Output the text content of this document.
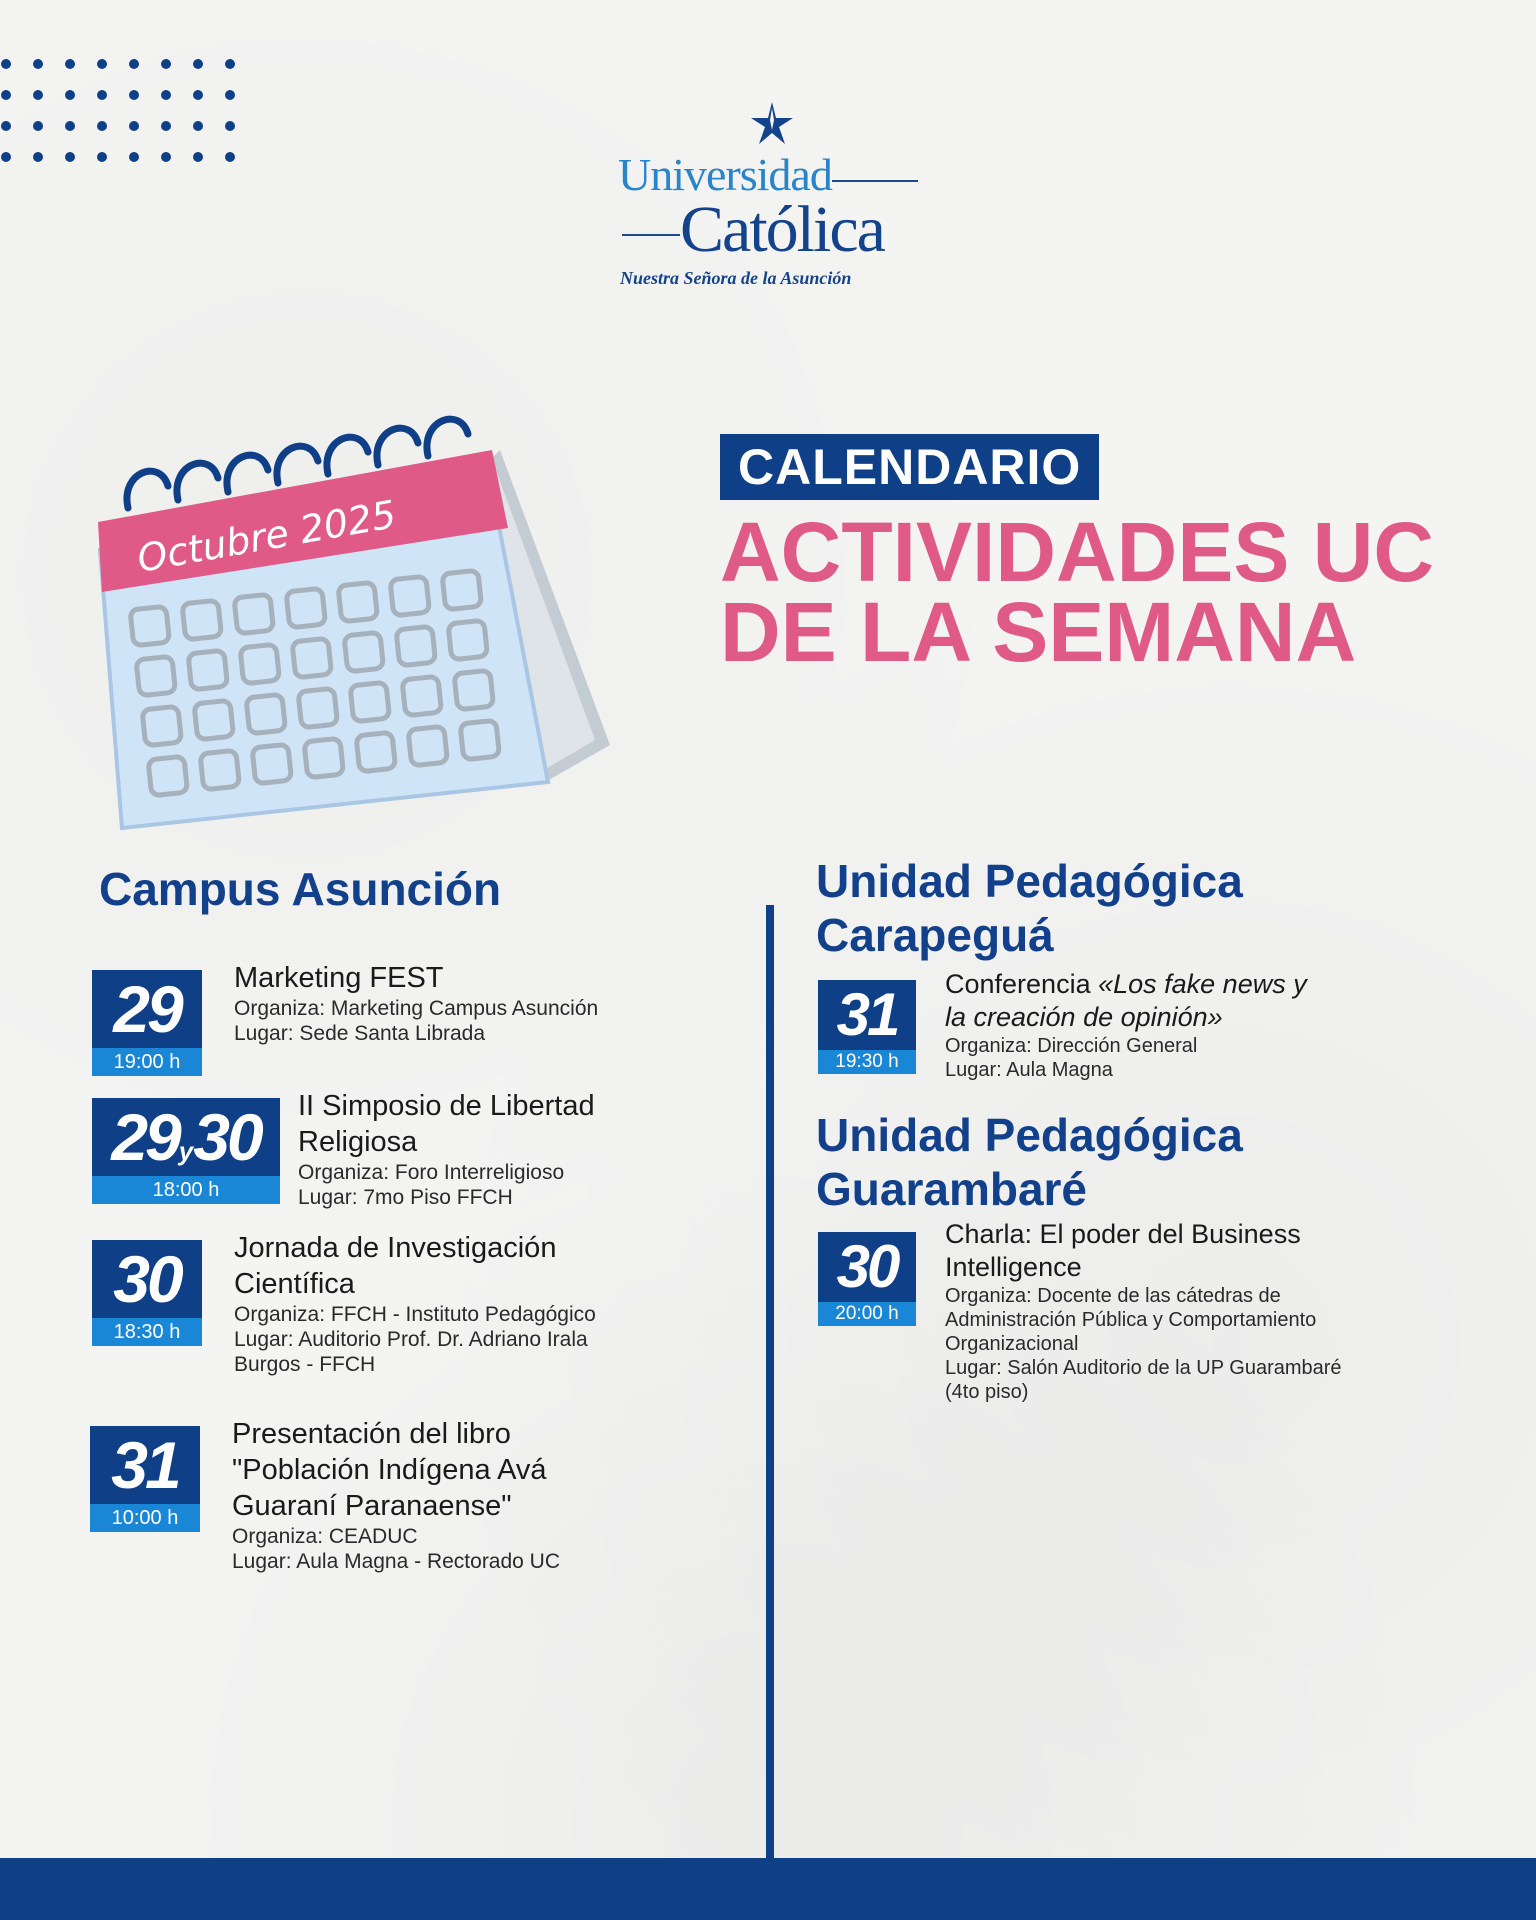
Universidad
Católica
Nuestra Señora de la Asunción
Octubre 2025
CALENDARIO
ACTIVIDADES UC
DE LA SEMANA
Campus Asunción
29
19:00 h
Marketing FEST
Organiza: Marketing Campus Asunción
Lugar: Sede Santa Librada
29y30
18:00 h
II Simposio de Libertad
Religiosa
Organiza: Foro Interreligioso
Lugar: 7mo Piso FFCH
30
18:30 h
Jornada de Investigación
Científica
Organiza: FFCH - Instituto Pedagógico
Lugar: Auditorio Prof. Dr. Adriano Irala
Burgos - FFCH
31
10:00 h
Presentación del libro
"Población Indígena Avá
Guaraní Paranaense"
Organiza: CEADUC
Lugar: Aula Magna - Rectorado UC
Unidad Pedagógica
Carapeguá
31
19:30 h
Conferencia «Los fake news y
la creación de opinión»
Organiza: Dirección General
Lugar: Aula Magna
Unidad Pedagógica
Guarambaré
30
20:00 h
Charla: El poder del Business
Intelligence
Organiza: Docente de las cátedras de
Administración Pública y Comportamiento
Organizacional
Lugar: Salón Auditorio de la UP Guarambaré
(4to piso)
